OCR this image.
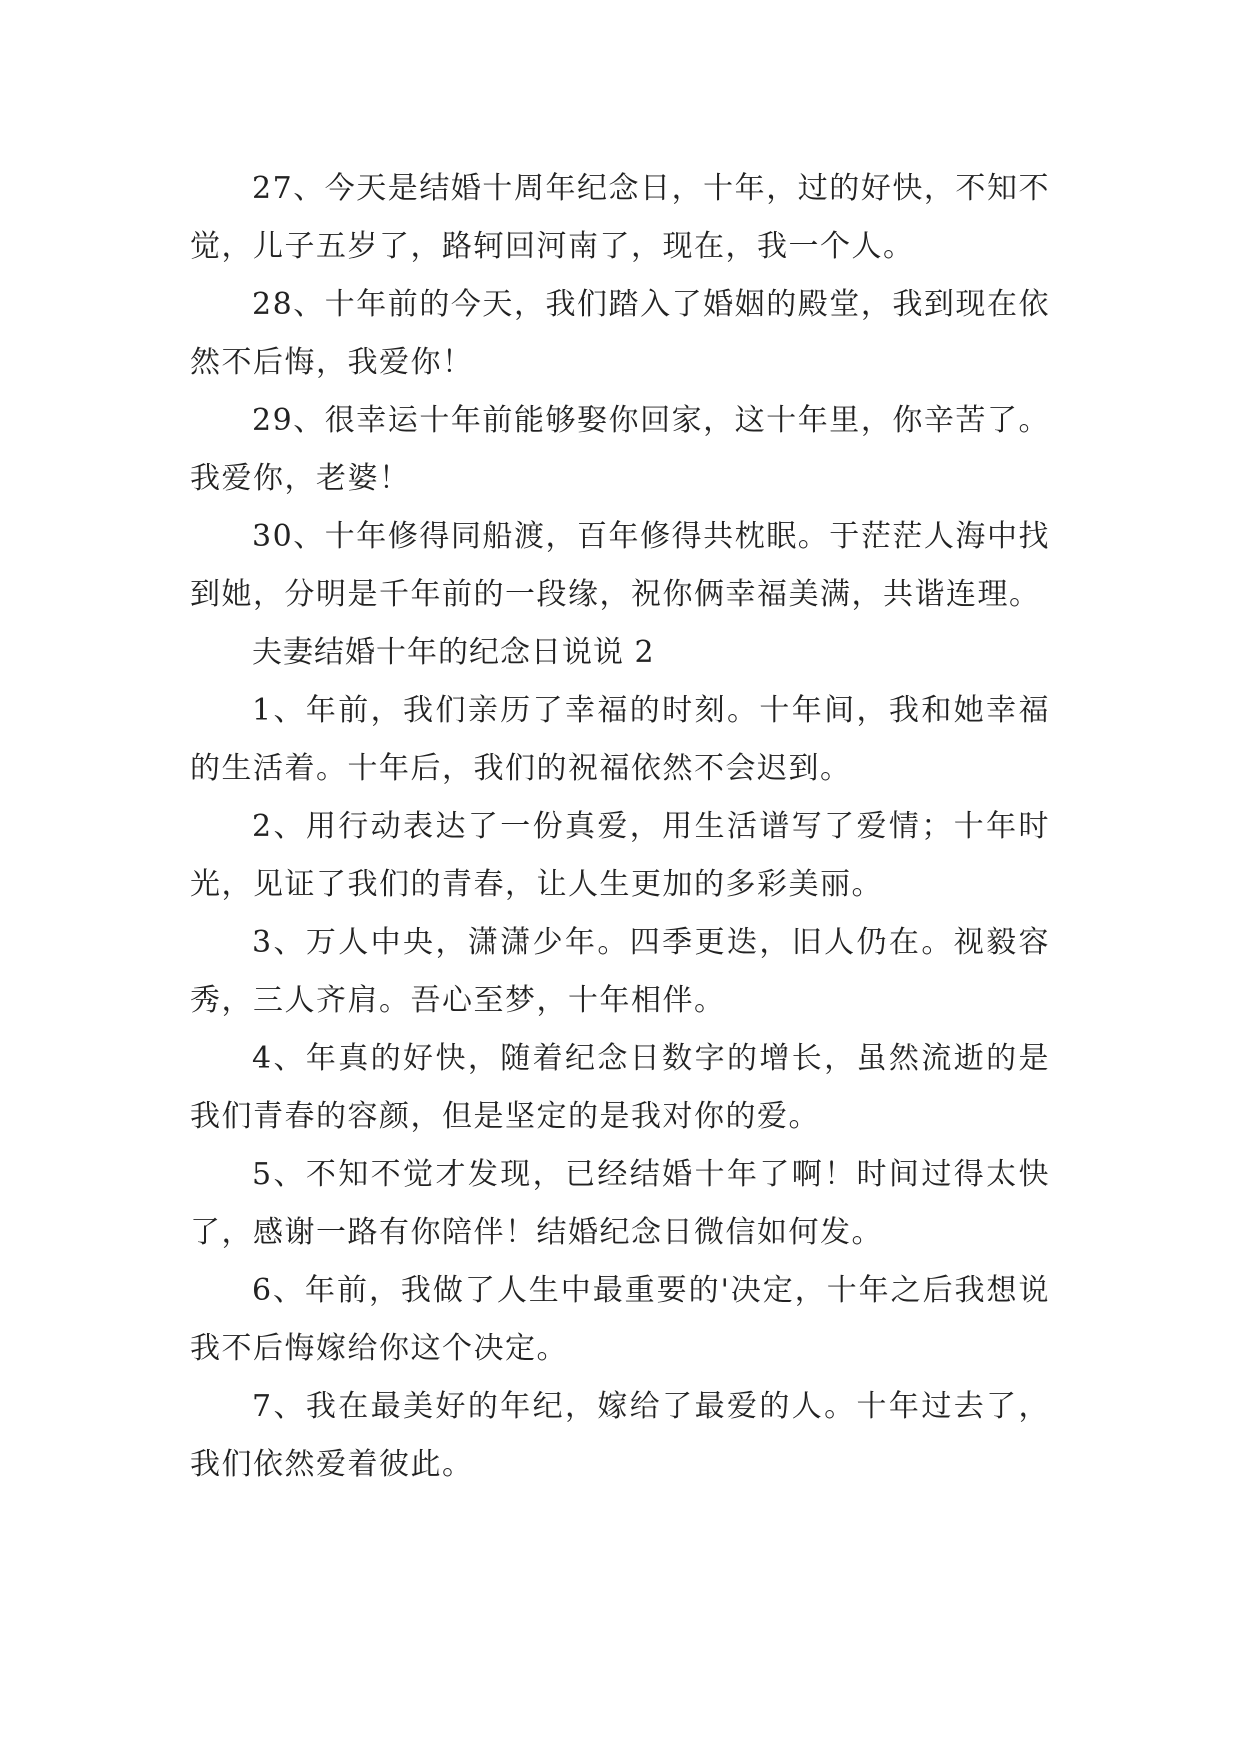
27、今天是结婚十周年纪念日，十年，过的好快，不知不觉，儿子五岁了，路轲回河南了，现在，我一个人。

28、十年前的今天，我们踏入了婚姻的殿堂，我到现在依然不后悔，我爱你！

29、很幸运十年前能够娶你回家，这十年里，你辛苦了。我爱你，老婆！

30、十年修得同船渡，百年修得共枕眠。于茫茫人海中找到她，分明是千年前的一段缘，祝你俩幸福美满，共谐连理。

夫妻结婚十年的纪念日说说 2

1、年前，我们亲历了幸福的时刻。十年间，我和她幸福的生活着。十年后，我们的祝福依然不会迟到。

2、用行动表达了一份真爱，用生活谱写了爱情；十年时光，见证了我们的青春，让人生更加的多彩美丽。

3、万人中央，潇潇少年。四季更迭，旧人仍在。视毅容秀，三人齐肩。吾心至梦，十年相伴。

4、年真的好快，随着纪念日数字的增长，虽然流逝的是我们青春的容颜，但是坚定的是我对你的爱。

5、不知不觉才发现，已经结婚十年了啊！时间过得太快了，感谢一路有你陪伴！结婚纪念日微信如何发。

6、年前，我做了人生中最重要的'决定，十年之后我想说我不后悔嫁给你这个决定。

7、我在最美好的年纪，嫁给了最爱的人。十年过去了，我们依然爱着彼此。
